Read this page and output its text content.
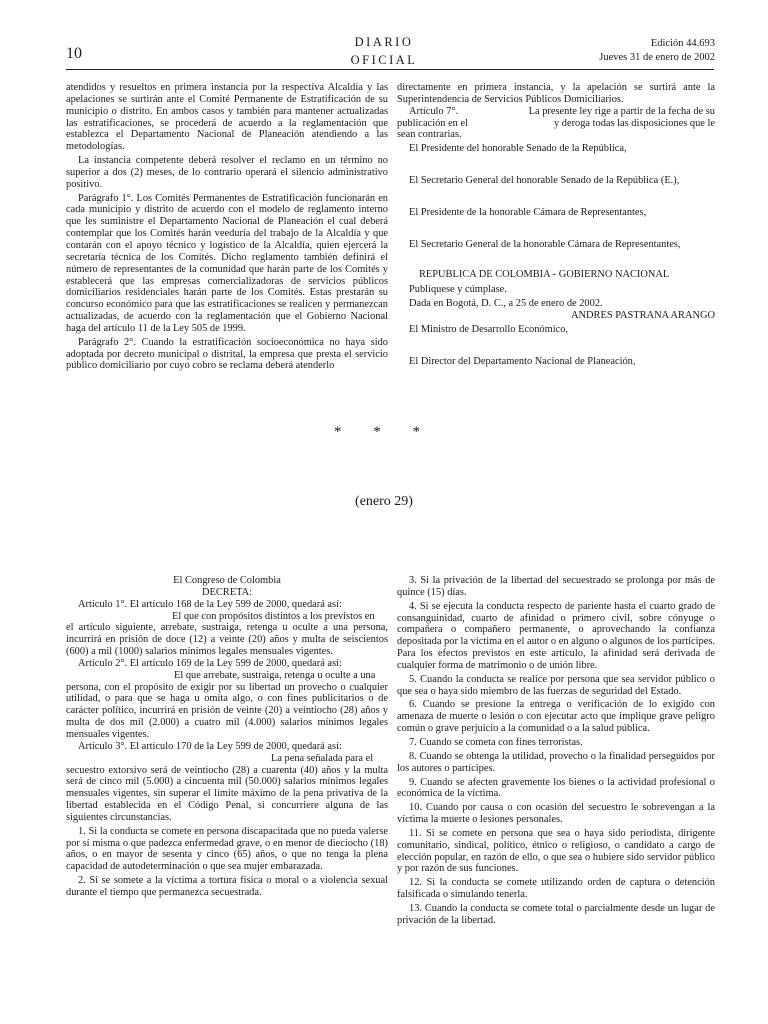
10
DIARIO
OFICIAL
Edición 44.693
Jueves 31 de enero de 2002

atendidos y resueltos en primera instancia por la respectiva Alcaldía y las apelaciones se surtirán ante el Comité Permanente de Estratificación de su municipio o distrito. En ambos casos y también para mantener actualizadas las estratificaciones, se procederá de acuerdo a la reglamentación que establezca el Departamento Nacional de Planeación atendiendo a las metodologías.

La instancia competente deberá resolver el reclamo en un término no superior a dos (2) meses, de lo contrario operará el silencio administrativo positivo.

Parágrafo 1°. Los Comités Permanentes de Estratificación funcionarán en cada municipio y distrito de acuerdo con el modelo de reglamento interno que les suministre el Departamento Nacional de Planeación el cual deberá contemplar que los Comités harán veeduría del trabajo de la Alcaldía y que contarán con el apoyo técnico y logístico de la Alcaldía, quien ejercerá la secretaría técnica de los Comités. Dicho reglamento también definirá el número de representantes de la comunidad que harán parte de los Comités y establecerá que las empresas comercializadoras de servicios públicos domiciliarios residenciales harán parte de los Comités. Estas prestarán su concurso económico para que las estratificaciones se realicen y permanezcan actualizadas, de acuerdo con la reglamentación que el Gobierno Nacional haga del artículo 11 de la Ley 505 de 1999.

Parágrafo 2°. Cuando la estratificación socioeconómica no haya sido adoptada por decreto municipal o distrital, la empresa que presta el servicio público domiciliario por cuyo cobro se reclama deberá atenderlo

directamente en primera instancia, y la apelación se surtirá ante la Superintendencia de Servicios Públicos Domiciliarios.

Artículo 7°.	La presente ley rige a partir de la fecha de su
publicación en el	y deroga todas las disposiciones que le
sean contrarias.
El Presidente del honorable Senado de la República,
El Secretario General del honorable Senado de la República (E.),
El Presidente de la honorable Cámara de Representantes,
El Secretario General de la honorable Cámara de Representantes,
REPUBLICA DE COLOMBIA - GOBIERNO NACIONAL
Publíquese y cúmplase.
Dada en Bogotá, D. C., a 25 de enero de 2002.
ANDRES PASTRANA ARANGO
El Ministro de Desarrollo Económico,
El Director del Departamento Nacional de Planeación,
* * *
(enero 29)
El Congreso de Colombia
DECRETA:

Artículo 1°. El artículo 168 de la Ley 599 de 2000, quedará así:

El que con propósitos distintos a los previstos en

el artículo siguiente, arrebate, sustraiga, retenga u oculte a una persona, incurrirá en prisión de doce (12) a veinte (20) años y multa de seiscientos (600) a mil (1000) salarios mínimos legales mensuales vigentes.

Artículo 2°. El artículo 169 de la Ley 599 de 2000, quedará así:

El que arrebate, sustraiga, retenga u oculte a una

persona, con el propósito de exigir por su libertad un provecho o cualquier utilidad, o para que se haga u omita algo, o con fines publicitarios o de carácter político, incurrirá en prisión de veinte (20) a veintiocho (28) años y multa de dos mil (2.000) a cuatro mil (4.000) salarios mínimos legales mensuales vigentes.

Artículo 3°. El artículo 170 de la Ley 599 de 2000, quedará así:

La pena señalada para el

secuestro extorsivo será de veintiocho (28) a cuarenta (40) años y la multa será de cinco mil (5.000) a cincuenta mil (50.000) salarios mínimos legales mensuales vigentes, sin superar el límite máximo de la pena privativa de la libertad establecida en el Código Penal, si concurriere alguna de las siguientes circunstancias.

1. Si la conducta se comete en persona discapacitada que no pueda valerse por sí misma o que padezca enfermedad grave, o en menor de dieciocho (18) años, o en mayor de sesenta y cinco (65) años, o que no tenga la plena capacidad de autodeterminación o que sea mujer embarazada.

2. Si se somete a la víctima a tortura física o moral o a violencia sexual durante el tiempo que permanezca secuestrada.

3. Si la privación de la libertad del secuestrado se prolonga por más de quince (15) días.

4. Si se ejecuta la conducta respecto de pariente hasta el cuarto grado de consanguinidad, cuarto de afinidad o primero civil, sobre cónyuge o compañera o compañero permanente, o aprovechando la confianza depositada por la víctima en el autor o en alguno o algunos de los partícipes. Para los efectos previstos en este artículo, la afinidad será derivada de cualquier forma de matrimonio o de unión libre.

5. Cuando la conducta se realice por persona que sea servidor público o que sea o haya sido miembro de las fuerzas de seguridad del Estado.

6. Cuando se presione la entrega o verificación de lo exigido con amenaza de muerte o lesión o con ejecutar acto que implique grave peligro común o grave perjuicio a la comunidad o a la salud pública.

7. Cuando se cometa con fines terroristas.

8. Cuando se obtenga la utilidad, provecho o la finalidad perseguidos por los autores o partícipes.

9. Cuando se afecten gravemente los bienes o la actividad profesional o económica de la víctima.

10. Cuando por causa o con ocasión del secuestro le sobrevengan a la víctima la muerte o lesiones personales.

11. Si se comete en persona que sea o haya sido periodista, dirigente comunitario, sindical, político, étnico o religioso, o candidato a cargo de elección popular, en razón de ello, o que sea o hubiere sido servidor público y por razón de sus funciones.

12. Si la conducta se comete utilizando orden de captura o detención falsificada o simulando tenerla.

13. Cuando la conducta se comete total o parcialmente desde un lugar de privación de la libertad.
